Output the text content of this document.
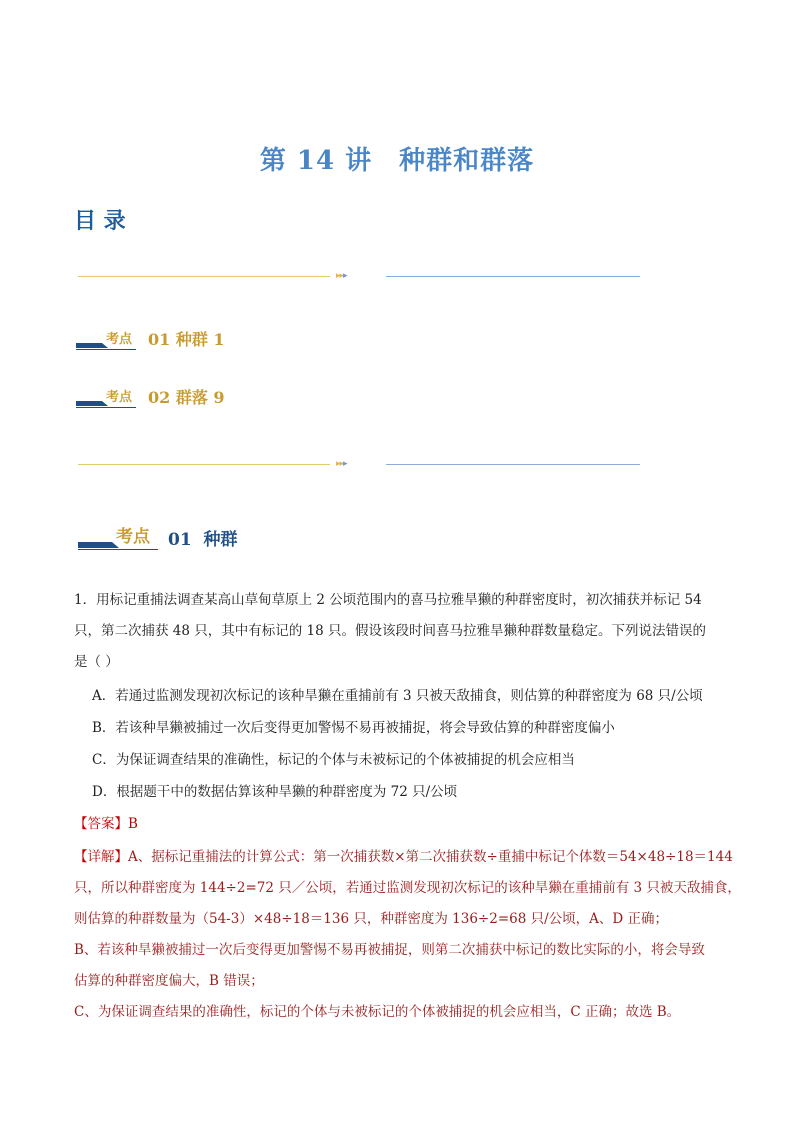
第 14 讲　种群和群落
目 录
▸▸▸
考点 01 种群 1
考点 02 群落 9
▸▸▸
考点 01 种群
1．用标记重捕法调查某高山草甸草原上 2 公顷范围内的喜马拉雅旱獭的种群密度时，初次捕获并标记 54
只，第二次捕获 48 只，其中有标记的 18 只。假设该段时间喜马拉雅旱獭种群数量稳定。下列说法错误的
是（ ）
A．若通过监测发现初次标记的该种旱獭在重捕前有 3 只被天敌捕食，则估算的种群密度为 68 只/公顷
B．若该种旱獭被捕过一次后变得更加警惕不易再被捕捉，将会导致估算的种群密度偏小
C．为保证调查结果的准确性，标记的个体与未被标记的个体被捕捉的机会应相当
D．根据题干中的数据估算该种旱獭的种群密度为 72 只/公顷
【答案】B
【详解】A、据标记重捕法的计算公式：第一次捕获数×第二次捕获数÷重捕中标记个体数＝54×48÷18＝144
只，所以种群密度为 144÷2=72 只／公顷，若通过监测发现初次标记的该种旱獭在重捕前有 3 只被天敌捕食，
则估算的种群数量为（54-3）×48÷18＝136 只，种群密度为 136÷2=68 只/公顷，A、D 正确；
B、若该种旱獭被捕过一次后变得更加警惕不易再被捕捉，则第二次捕获中标记的数比实际的小，将会导致
估算的种群密度偏大，B 错误；
C、为保证调查结果的准确性，标记的个体与未被标记的个体被捕捉的机会应相当，C 正确；故选 B。
